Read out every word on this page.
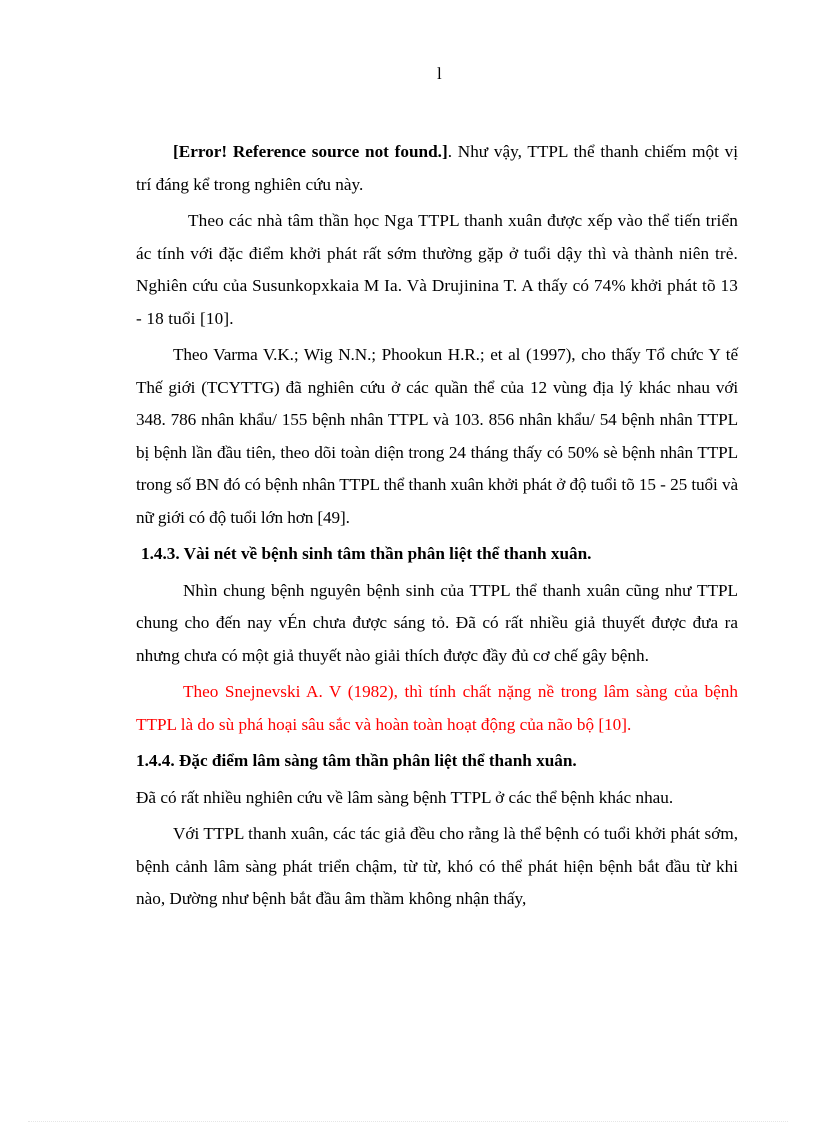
l

[Error! Reference source not found.]. Như vậy, TTPL thể thanh chiếm một vị trí đáng kể trong nghiên cứu này.

Theo các nhà tâm thần học Nga TTPL thanh xuân được xếp vào thể tiến triển ác tính với đặc điểm khởi phát rất sớm thường gặp ở tuổi dậy thì và thành niên trẻ. Nghiên cứu của Susunkopxkaia M Ia. Và Drujinina T. A thấy có 74% khởi phát tõ 13 - 18 tuổi [10].

Theo Varma V.K.; Wig N.N.; Phookun H.R.; et al (1997), cho thấy Tổ chức Y tế Thế giới (TCYTTG) đã nghiên cứu ở các quần thể của 12 vùng địa lý khác nhau với 348. 786 nhân khẩu/ 155 bệnh nhân TTPL và 103. 856 nhân khẩu/ 54 bệnh nhân TTPL bị bệnh lần đầu tiên, theo dõi toàn diện trong 24 tháng thấy có 50% sè bệnh nhân TTPL trong số BN đó có bệnh nhân TTPL thể thanh xuân khởi phát ở độ tuổi tõ 15 - 25 tuổi và nữ giới có độ tuổi lớn hơn [49].

1.4.3. Vài nét về bệnh sinh tâm thần phân liệt thể thanh xuân.

Nhìn chung bệnh nguyên bệnh sinh của TTPL thể thanh xuân cũng như TTPL chung cho đến nay vÉn chưa được sáng tỏ. Đã có rất nhiều giả thuyết được đưa ra nhưng chưa có một giả thuyết nào giải thích được đầy đủ cơ chế gây bệnh.

Theo Snejnevski A. V (1982), thì tính chất nặng nề trong lâm sàng của bệnh TTPL là do sù phá hoại sâu sắc và hoàn toàn hoạt động của não bộ [10].

1.4.4. Đặc điểm lâm sàng tâm thần phân liệt thể thanh xuân.

Đã có rất nhiều nghiên cứu về lâm sàng bệnh TTPL ở các thể bệnh khác nhau.

Với TTPL thanh xuân, các tác giả đều cho rằng là thể bệnh có tuổi khởi phát sớm, bệnh cảnh lâm sàng phát triển chậm, từ từ, khó có thể phát hiện bệnh bắt đầu từ khi nào, Dường như bệnh bắt đầu âm thầm không nhận thấy,
